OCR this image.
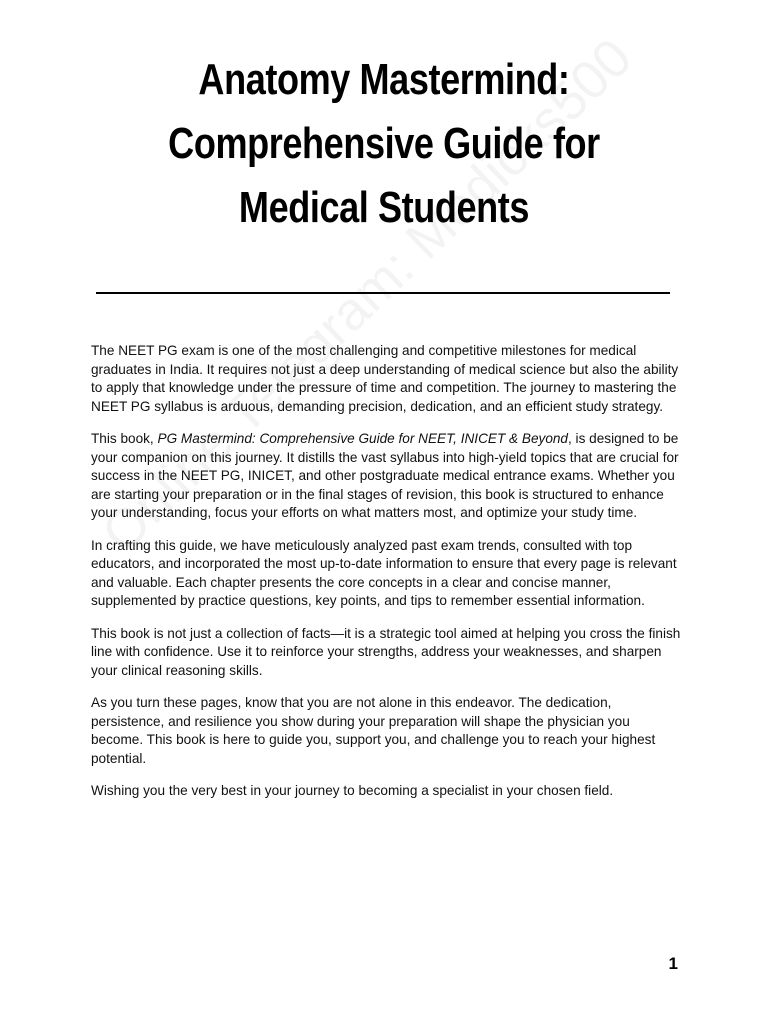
Anatomy Mastermind:
Comprehensive Guide for
Medical Students

The NEET PG exam is one of the most challenging and competitive milestones for medical graduates in India. It requires not just a deep understanding of medical science but also the ability to apply that knowledge under the pressure of time and competition. The journey to mastering the NEET PG syllabus is arduous, demanding precision, dedication, and an efficient study strategy.

This book, PG Mastermind: Comprehensive Guide for NEET, INICET & Beyond, is designed to be your companion on this journey. It distills the vast syllabus into high-yield topics that are crucial for success in the NEET PG, INICET, and other postgraduate medical entrance exams. Whether you are starting your preparation or in the final stages of revision, this book is structured to enhance your understanding, focus your efforts on what matters most, and optimize your study time.

In crafting this guide, we have meticulously analyzed past exam trends, consulted with top educators, and incorporated the most up-to-date information to ensure that every page is relevant and valuable. Each chapter presents the core concepts in a clear and concise manner, supplemented by practice questions, key points, and tips to remember essential information.

This book is not just a collection of facts—it is a strategic tool aimed at helping you cross the finish line with confidence. Use it to reinforce your strengths, address your weaknesses, and sharpen your clinical reasoning skills.

As you turn these pages, know that you are not alone in this endeavor. The dedication, persistence, and resilience you show during your preparation will shape the physician you become. This book is here to guide you, support you, and challenge you to reach your highest potential.

Wishing you the very best in your journey to becoming a specialist in your chosen field.

1
